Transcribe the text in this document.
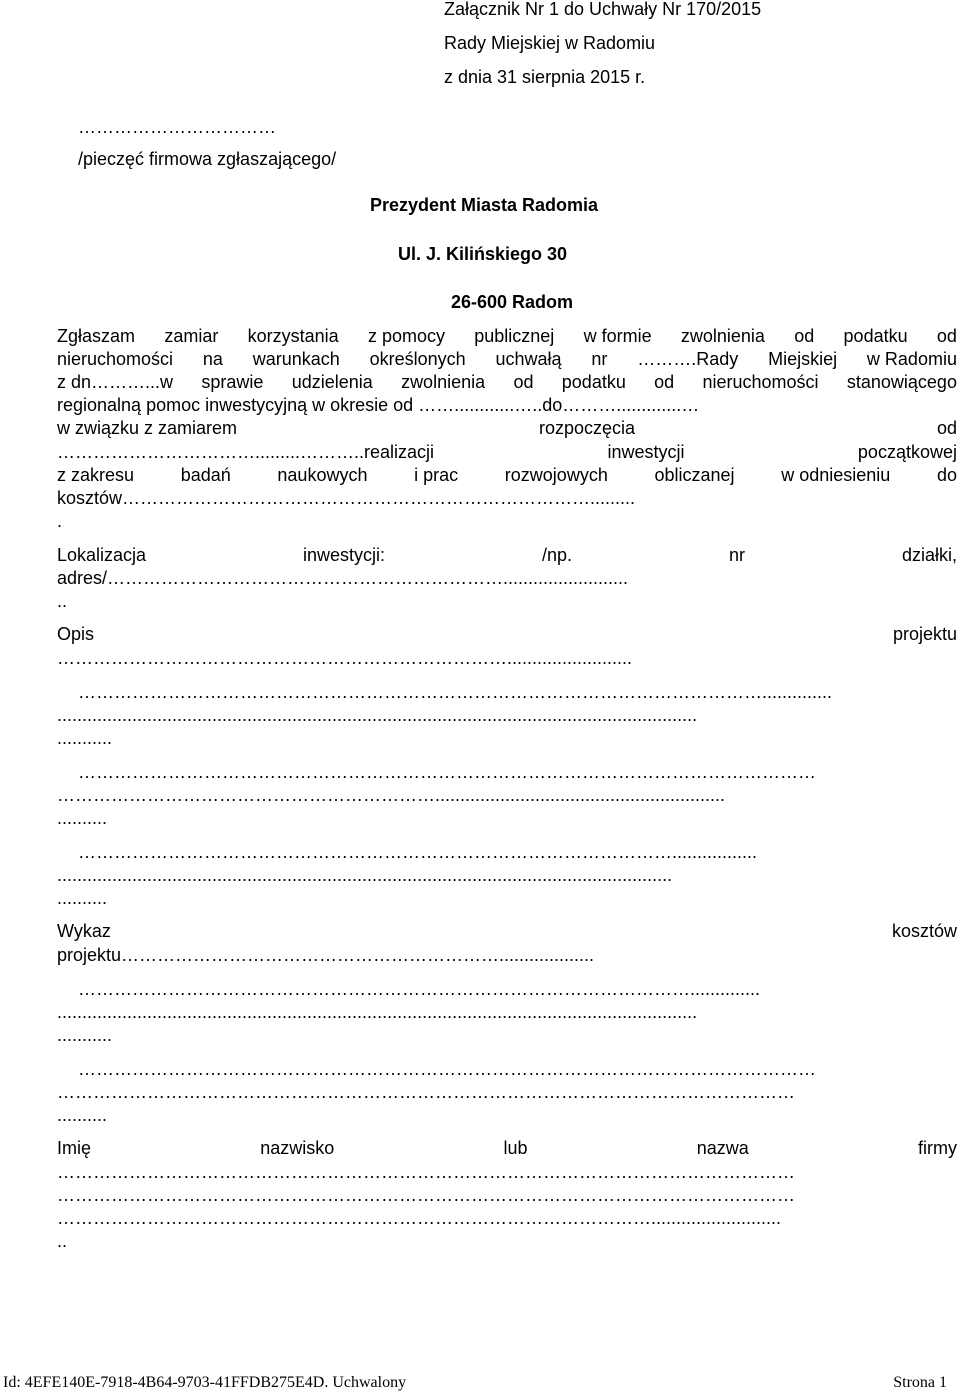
Załącznik Nr 1 do Uchwały Nr 170/2015
Rady Miejskiej w Radomiu
z dnia 31 sierpnia 2015 r.
……………………………
/pieczęć firmowa zgłaszającego/
Prezydent Miasta Radomia
Ul. J. Kilińskiego 30
26-600 Radom
Zgłaszam zamiar korzystania z pomocy publicznej w formie zwolnienia od podatku od
nieruchomości na warunkach określonych uchwałą nr ……….Rady Miejskiej w Radomiu
z dn………...w sprawie udzielenia zwolnienia od podatku od nieruchomości stanowiącego
regionalną pomoc inwestycyjną w okresie od ……............…..do……….............…
w związku z zamiarem	rozpoczęcia	od
…………………………….........………..realizacji	inwestycji	początkowej
z zakresu	badań	naukowych	i prac	rozwojowych	obliczanej	w odniesieniu	do
kosztów…………………………………………………………………….........
.
Lokalizacja	inwestycji:	/np.	nr	działki,
adres/………………………………………………………….........................
..
Opis	projektu
………………………………………………………………….........................
……………………………………………………………………………………………………..............
................................................................................................................................
...........
……………………………………………………………………………………………………………
………………………………………………………..........................................................
..........
……………………………………………………………………………………….................
...........................................................................................................................
..........
Wykaz	kosztów
projektu………………………………………………………...................
…………………………………………………………………………………………..............
................................................................................................................................
...........
……………………………………………………………………………………………………………
……………………………………………………………………………………………………………
..........
Imię	nazwisko	lub	nazwa	firmy
……………………………………………………………………………………………………………
……………………………………………………………………………………………………………
………………………………………………………………………………………..........................
..
Id: 4EFE140E-7918-4B64-9703-41FFDB275E4D. Uchwalony	Strona 1
